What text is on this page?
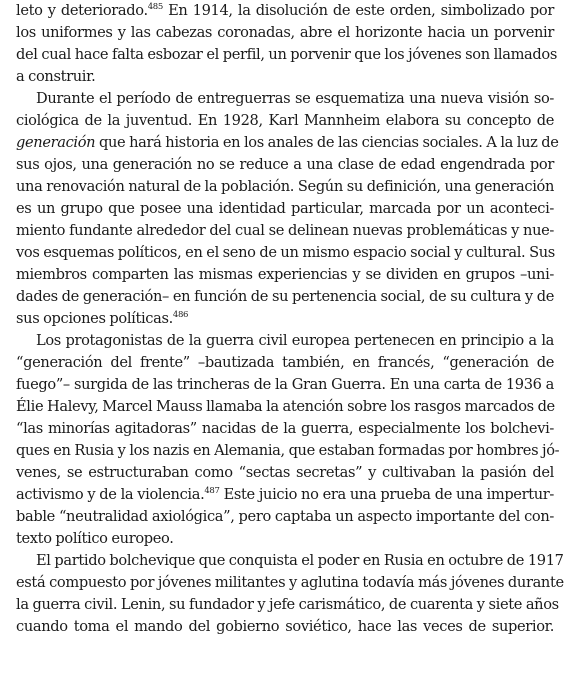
leto y deteriorado.$^{485}$ En 1914, la disolución de este orden, simbolizado por
los uniformes y las cabezas coronadas, abre el horizonte hacia un porvenir
del cual hace falta esbozar el perfil, un porvenir que los jóvenes son llamados
a construir.
Durante el período de entreguerras se esquematiza una nueva visión so-
ciológica de la juventud. En 1928, Karl Mannheim elabora su concepto de
generación que hará historia en los anales de las ciencias sociales. A la luz de
sus ojos, una generación no se reduce a una clase de edad engendrada por
una renovación natural de la población. Según su definición, una generación
es un grupo que posee una identidad particular, marcada por un aconteci-
miento fundante alrededor del cual se delinean nuevas problemáticas y nue-
vos esquemas políticos, en el seno de un mismo espacio social y cultural. Sus
miembros comparten las mismas experiencias y se dividen en grupos –uni-
dades de generación– en función de su pertenencia social, de su cultura y de
sus opciones políticas.$^{486}$
Los protagonistas de la guerra civil europea pertenecen en principio a la
“generación del frente” –bautizada también, en francés, “generación de
fuego”– surgida de las trincheras de la Gran Guerra. En una carta de 1936 a
Élie Halevy, Marcel Mauss llamaba la atención sobre los rasgos marcados de
“las minorías agitadoras” nacidas de la guerra, especialmente los bolchevi-
ques en Rusia y los nazis en Alemania, que estaban formadas por hombres jó-
venes, se estructuraban como “sectas secretas” y cultivaban la pasión del
activismo y de la violencia.$^{487}$ Este juicio no era una prueba de una impertur-
bable “neutralidad axiológica”, pero captaba un aspecto importante del con-
texto político europeo.
El partido bolchevique que conquista el poder en Rusia en octubre de 1917
está compuesto por jóvenes militantes y aglutina todavía más jóvenes durante
la guerra civil. Lenin, su fundador y jefe carismático, de cuarenta y siete años
cuando toma el mando del gobierno soviético, hace las veces de superior.
